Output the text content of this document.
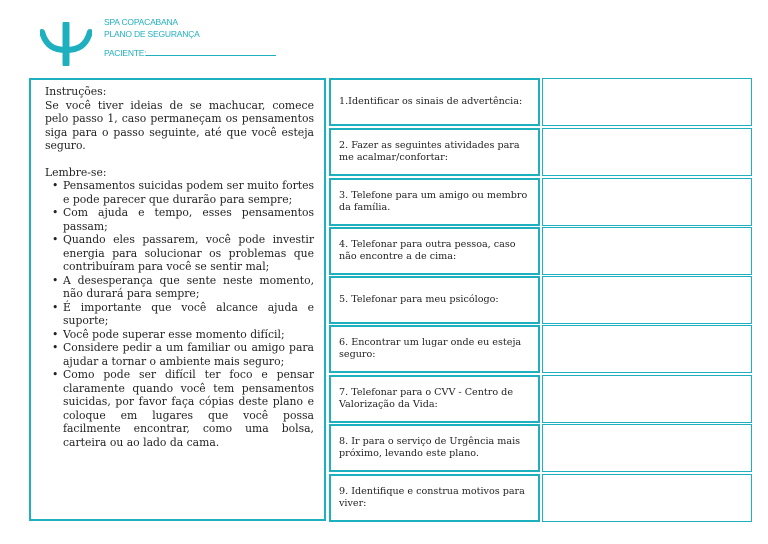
SPA COPACABANA
PLANO DE SEGURANÇA
PACIENTE:

Instruções:

Se você tiver ideias de se machucar, comece pelo passo 1, caso permaneçam os pensamentos siga para o passo seguinte, até que você esteja seguro.

Lembre-se:

• Pensamentos suicidas podem ser muito fortes e pode parecer que durarão para sempre;
• Com ajuda e tempo, esses pensamentos passam;
• Quando eles passarem, você pode investir energia para solucionar os problemas que contribuíram para você se sentir mal;
• A desesperança que sente neste momento, não durará para sempre;
• É importante que você alcance ajuda e suporte;
• Você pode superar esse momento difícil;
• Considere pedir a um familiar ou amigo para ajudar a tornar o ambiente mais seguro;
• Como pode ser difícil ter foco e pensar claramente quando você tem pensamentos suicidas, por favor faça cópias deste plano e coloque em lugares que você possa facilmente encontrar, como uma bolsa, carteira ou ao lado da cama.
1.Identificar os sinais de advertência:
2. Fazer as seguintes atividades para me acalmar/confortar:
3. Telefone para um amigo ou membro da família.
4. Telefonar para outra pessoa, caso não encontre a de cima:
5. Telefonar para meu psicólogo:
6. Encontrar um lugar onde eu esteja seguro:
7. Telefonar para o CVV - Centro de Valorização da Vida:
8. Ir para o serviço de Urgência mais próximo, levando este plano.
9. Identifique e construa motivos para viver:
